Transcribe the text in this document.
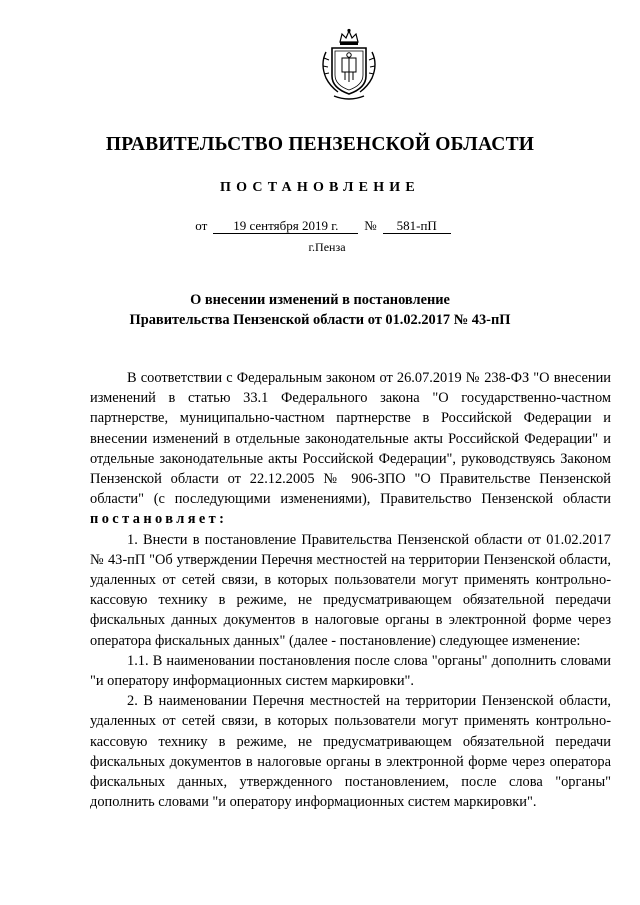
ПРАВИТЕЛЬСТВО ПЕНЗЕНСКОЙ ОБЛАСТИ
ПОСТАНОВЛЕНИЕ
от 19 сентября 2019 г. № 581-пП
г.Пенза
О внесении изменений в постановление
Правительства Пензенской области от 01.02.2017 № 43-пП

В соответствии с Федеральным законом от 26.07.2019 № 238-ФЗ "О внесении изменений в статью 33.1 Федерального закона "О государственно-частном партнерстве, муниципально-частном партнерстве в Российской Федерации и внесении изменений в отдельные законодательные акты Российской Федерации" и отдельные законодательные акты Российской Федерации", руководствуясь Законом Пензенской области от 22.12.2005 № 906-ЗПО "О Правительстве Пензенской области" (с последующими изменениями), Правительство Пензенской области постановляет:

1. Внести в постановление Правительства Пензенской области от 01.02.2017 № 43-пП "Об утверждении Перечня местностей на территории Пензенской области, удаленных от сетей связи, в которых пользователи могут применять контрольно-кассовую технику в режиме, не предусматривающем обязательной передачи фискальных данных документов в налоговые органы в электронной форме через оператора фискальных данных" (далее - постановление) следующее изменение:

1.1. В наименовании постановления после слова "органы" дополнить словами "и оператору информационных систем маркировки".

2. В наименовании Перечня местностей на территории Пензенской области, удаленных от сетей связи, в которых пользователи могут применять контрольно-кассовую технику в режиме, не предусматривающем обязательной передачи фискальных документов в налоговые органы в электронной форме через оператора фискальных данных, утвержденного постановлением, после слова "органы" дополнить словами "и оператору информационных систем маркировки".
